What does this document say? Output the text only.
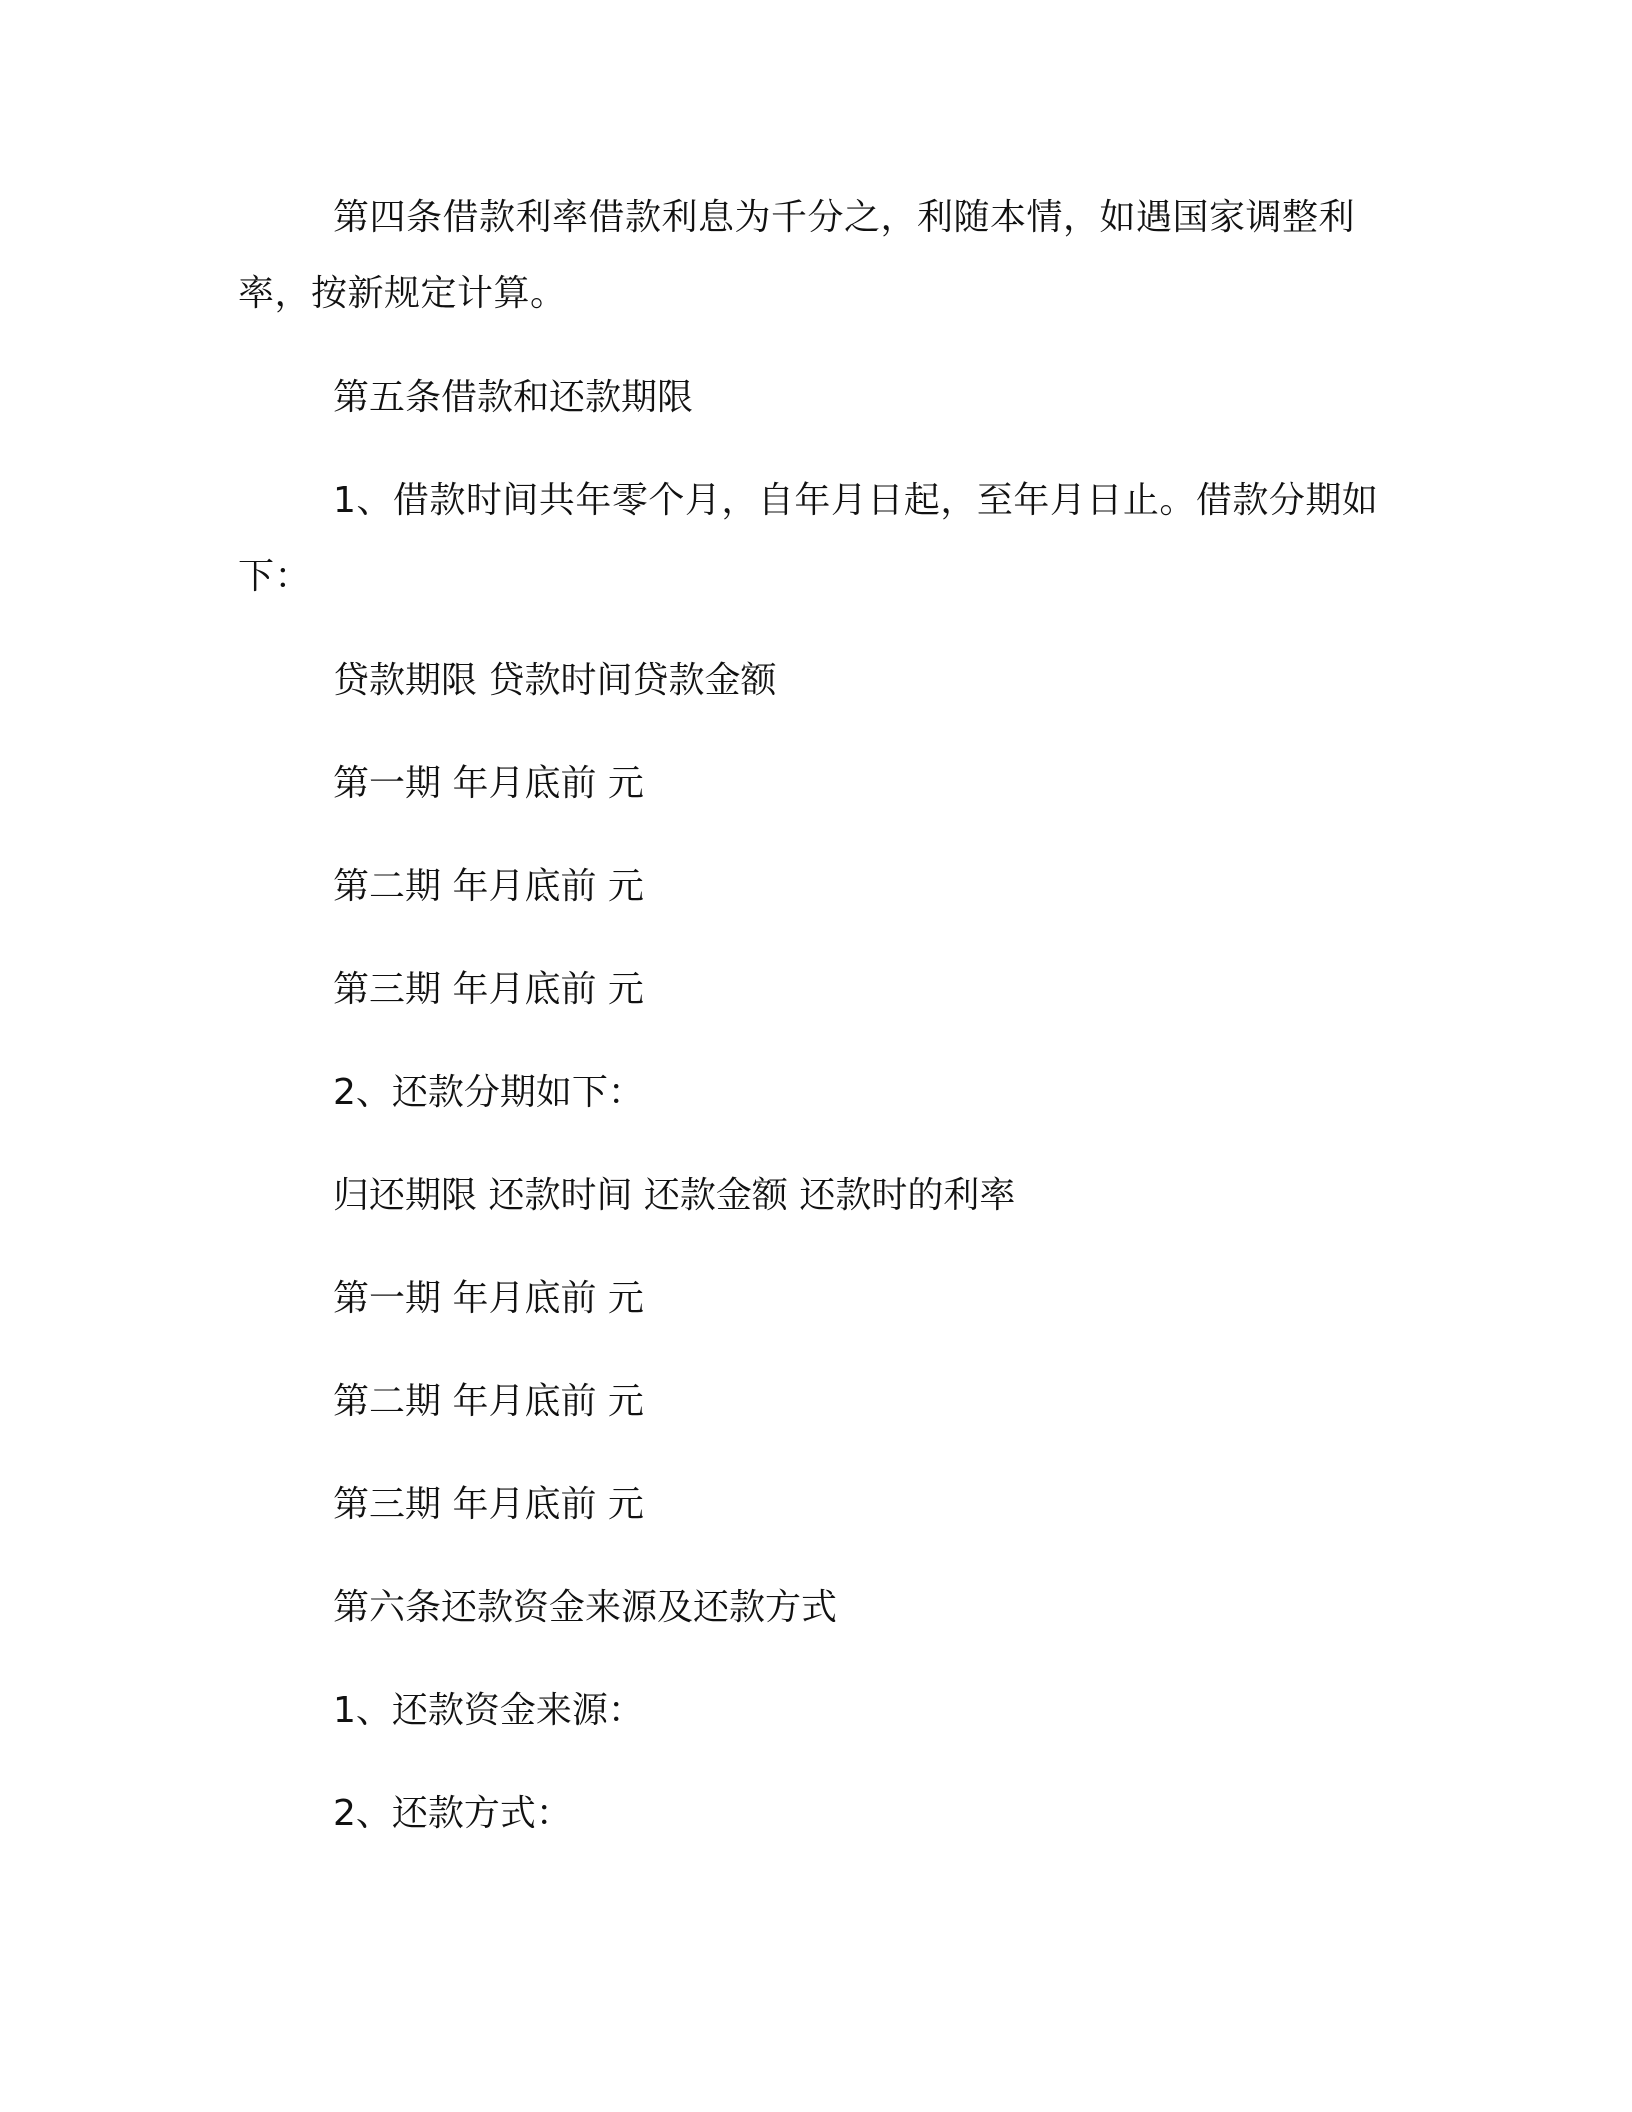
第四条借款利率借款利息为千分之，利随本情，如遇国家调整利率，按新规定计算。

第五条借款和还款期限

1、借款时间共年零个月，自年月日起，至年月日止。借款分期如下：

贷款期限 贷款时间贷款金额

第一期 年月底前 元

第二期 年月底前 元

第三期 年月底前 元

2、还款分期如下：

归还期限 还款时间 还款金额 还款时的利率

第一期 年月底前 元

第二期 年月底前 元

第三期 年月底前 元

第六条还款资金来源及还款方式

1、还款资金来源：

2、还款方式：
